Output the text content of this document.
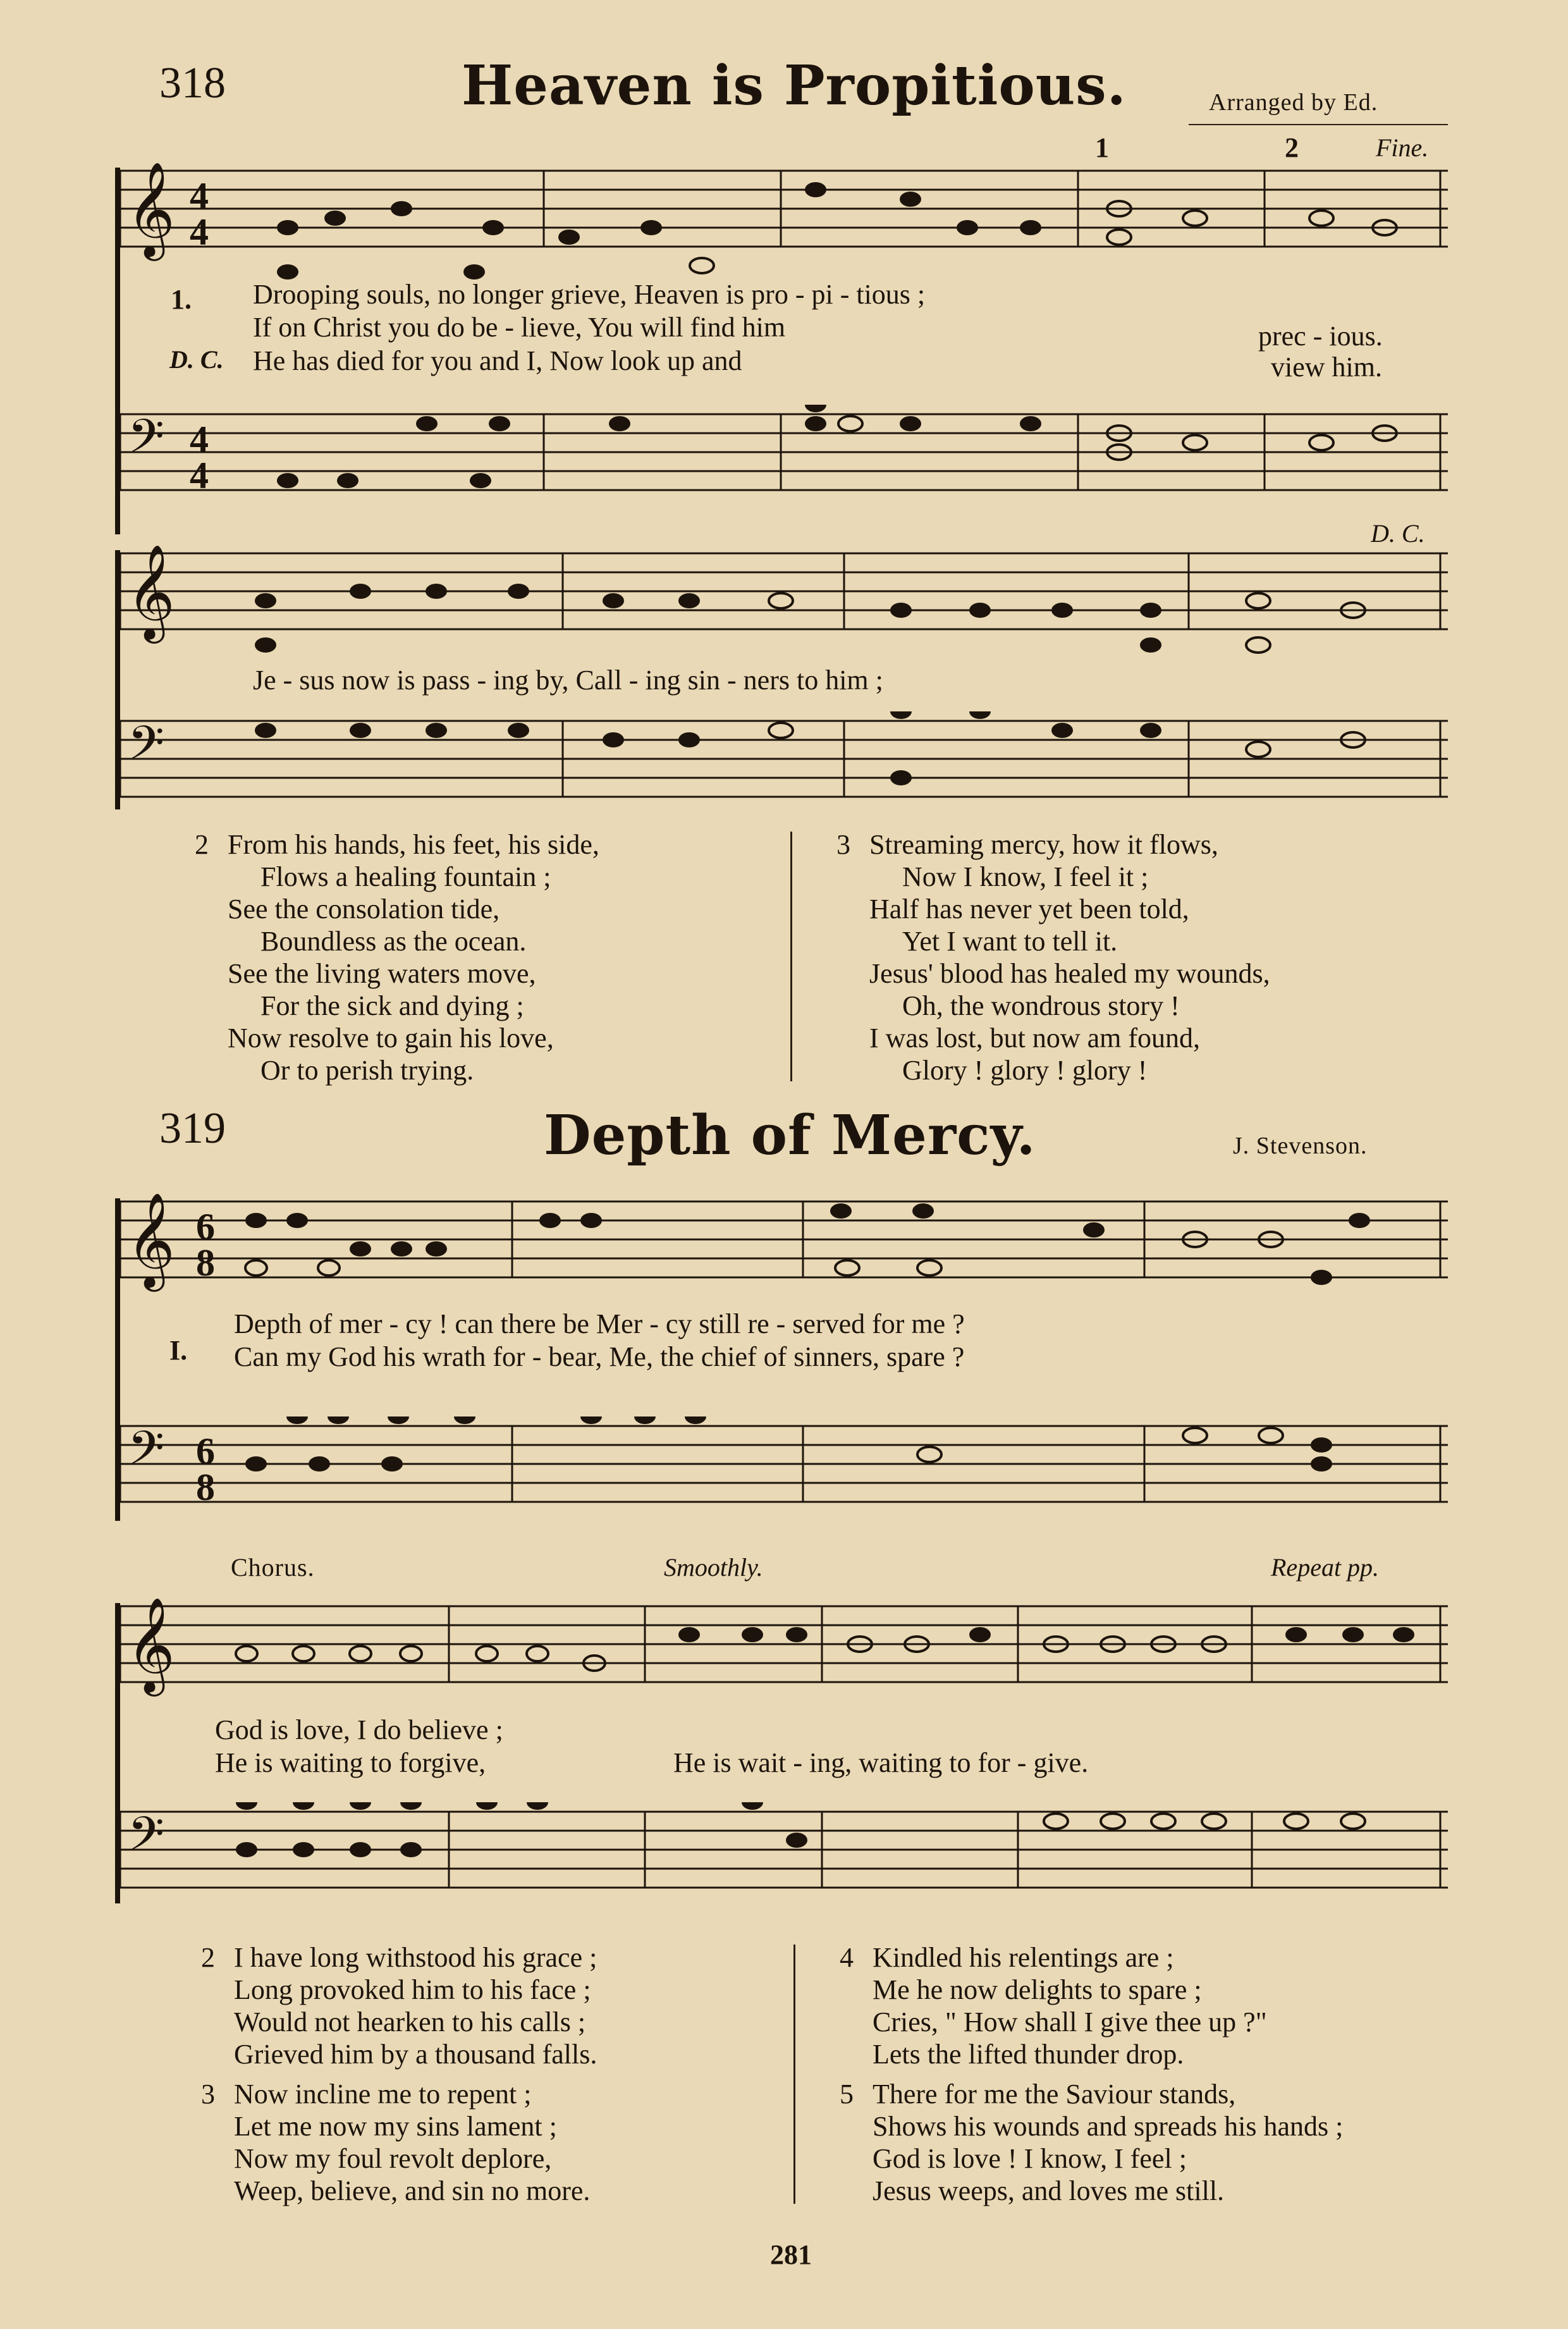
318	Heaven is Propitious.	Arranged by Ed.
1	2	Fine.
𝄞 4
4
1. Drooping souls, no longer grieve, Heaven is pro - pi - tious ;
If on Christ you do be - lieve, You will find him	prec - ious.
D. C. He has died for you and I, Now look up and	view him.
𝄢 4
4
D. C.
𝄞
Je - sus now is pass - ing by, Call - ing sin - ners to him ;
𝄢
2 From his hands, his feet, his side,
Flows a healing fountain ;
See the consolation tide,
Boundless as the ocean.
See the living waters move,
For the sick and dying ;
Now resolve to gain his love,
Or to perish trying.
3 Streaming mercy, how it flows,
Now I know, I feel it ;
Half has never yet been told,
Yet I want to tell it.
Jesus' blood has healed my wounds,
Oh, the wondrous story !
I was lost, but now am found,
Glory ! glory ! glory !
319	Depth of Mercy.	J. Stevenson.
𝄞 6
8
I.
Depth of mer - cy ! can there be Mer - cy still re - served for me ?
Can my God his wrath for - bear, Me, the chief of sinners, spare ?
𝄢 6
8
Chorus.	Smoothly.	Repeat pp.
𝄞
God is love, I do believe ;
He is waiting to forgive,	He is wait - ing, waiting to for - give.
𝄢
2 I have long withstood his grace ;
Long provoked him to his face ;
Would not hearken to his calls ;
Grieved him by a thousand falls.
3 Now incline me to repent ;
Let me now my sins lament ;
Now my foul revolt deplore,
Weep, believe, and sin no more.
4 Kindled his relentings are ;
Me he now delights to spare ;
Cries, " How shall I give thee up ?"
Lets the lifted thunder drop.
5 There for me the Saviour stands,
Shows his wounds and spreads his hands ;
God is love ! I know, I feel ;
Jesus weeps, and loves me still.
281
